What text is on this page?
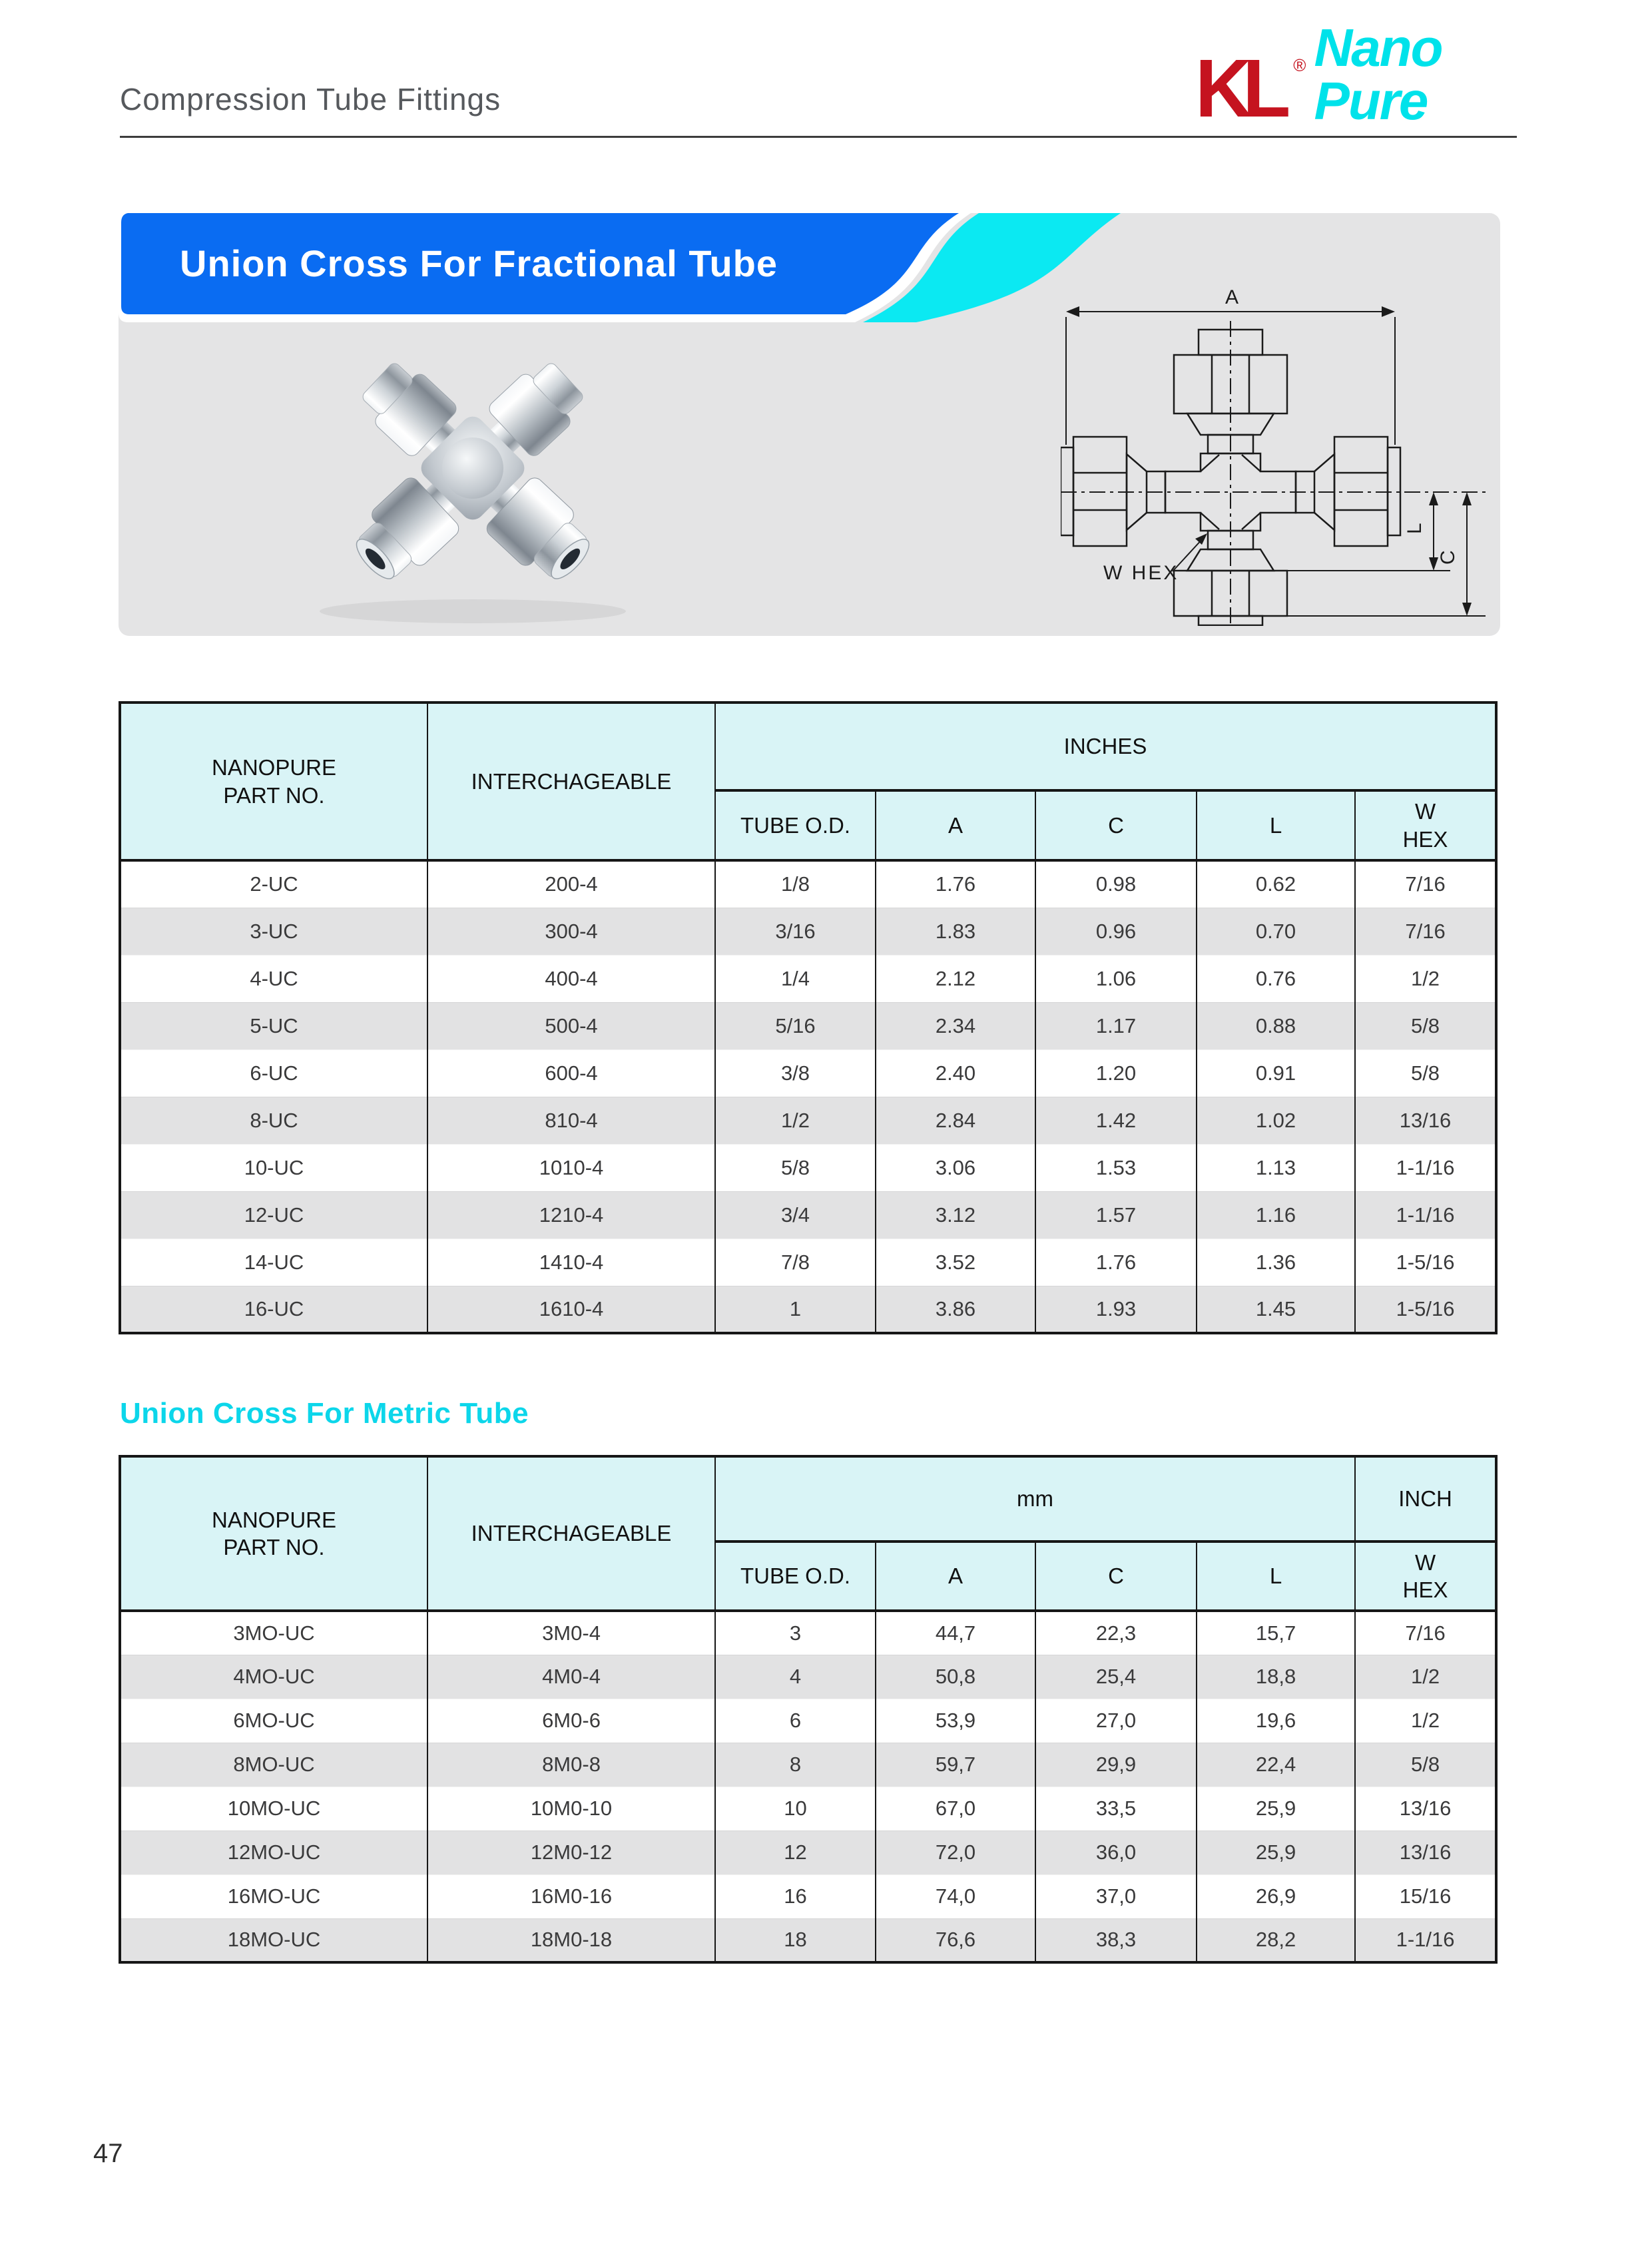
Compression Tube Fittings	KL ® Nano Pure
Union Cross For Fractional Tube
A
L
C
W HEX
NANOPURE
PART NO.	INTERCHAGEABLE	INCHES				
		TUBE O.D.	A	C	L	W
HEX

2-UC	200-4	1/8	1.76	0.98	0.62	7/16
3-UC	300-4	3/16	1.83	0.96	0.70	7/16
4-UC	400-4	1/4	2.12	1.06	0.76	1/2
5-UC	500-4	5/16	2.34	1.17	0.88	5/8
6-UC	600-4	3/8	2.40	1.20	0.91	5/8
8-UC	810-4	1/2	2.84	1.42	1.02	13/16
10-UC	1010-4	5/8	3.06	1.53	1.13	1-1/16
12-UC	1210-4	3/4	3.12	1.57	1.16	1-1/16
14-UC	1410-4	7/8	3.52	1.76	1.36	1-5/16
16-UC	1610-4	1	3.86	1.93	1.45	1-5/16
Union Cross For Metric Tube
NANOPURE
PART NO.	INTERCHAGEABLE	mm				INCH
		TUBE O.D.	A	C	L	W
HEX

3MO-UC	3M0-4	3	44,7	22,3	15,7	7/16
4MO-UC	4M0-4	4	50,8	25,4	18,8	1/2
6MO-UC	6M0-6	6	53,9	27,0	19,6	1/2
8MO-UC	8M0-8	8	59,7	29,9	22,4	5/8
10MO-UC	10M0-10	10	67,0	33,5	25,9	13/16
12MO-UC	12M0-12	12	72,0	36,0	25,9	13/16
16MO-UC	16M0-16	16	74,0	37,0	26,9	15/16
18MO-UC	18M0-18	18	76,6	38,3	28,2	1-1/16
47
